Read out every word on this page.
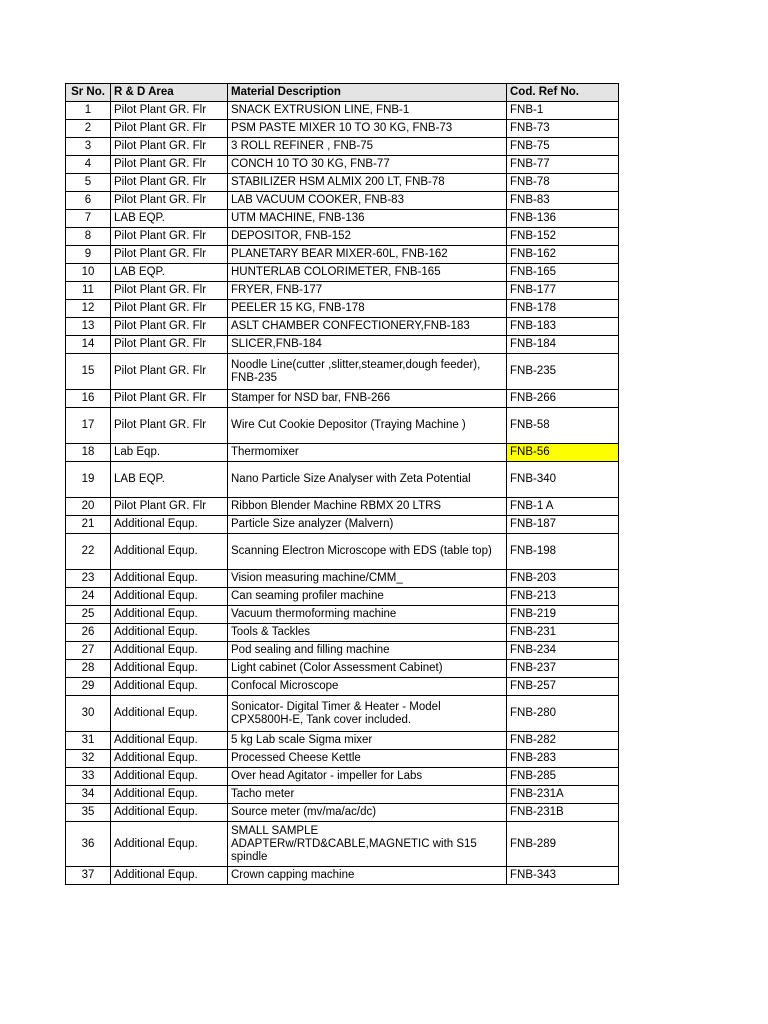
Sr No.	R & D Area	Material Description	Cod. Ref No.
1	Pilot Plant GR. Flr	SNACK EXTRUSION LINE, FNB-1	FNB-1
2	Pilot Plant GR. Flr	PSM PASTE MIXER 10 TO 30 KG, FNB-73	FNB-73
3	Pilot Plant GR. Flr	3 ROLL REFINER , FNB-75	FNB-75
4	Pilot Plant GR. Flr	CONCH 10 TO 30 KG, FNB-77	FNB-77
5	Pilot Plant GR. Flr	STABILIZER HSM ALMIX 200 LT, FNB-78	FNB-78
6	Pilot Plant GR. Flr	LAB VACUUM COOKER, FNB-83	FNB-83
7	LAB EQP.	UTM MACHINE, FNB-136	FNB-136
8	Pilot Plant GR. Flr	DEPOSITOR, FNB-152	FNB-152
9	Pilot Plant GR. Flr	PLANETARY BEAR MIXER-60L, FNB-162	FNB-162
10	LAB EQP.	HUNTERLAB COLORIMETER, FNB-165	FNB-165
11	Pilot Plant GR. Flr	FRYER, FNB-177	FNB-177
12	Pilot Plant GR. Flr	PEELER 15 KG, FNB-178	FNB-178
13	Pilot Plant GR. Flr	ASLT CHAMBER CONFECTIONERY,FNB-183	FNB-183
14	Pilot Plant GR. Flr	SLICER,FNB-184	FNB-184
15	Pilot Plant GR. Flr	Noodle Line(cutter ,slitter,steamer,dough feeder), FNB-235	FNB-235
16	Pilot Plant GR. Flr	Stamper for NSD bar, FNB-266	FNB-266
17	Pilot Plant GR. Flr	Wire Cut Cookie Depositor (Traying Machine )	FNB-58
18	Lab Eqp.	Thermomixer	FNB-56
19	LAB EQP.	Nano Particle Size Analyser with Zeta Potential	FNB-340
20	Pilot Plant GR. Flr	Ribbon Blender Machine RBMX 20 LTRS	FNB-1 A
21	Additional Equp.	Particle Size analyzer (Malvern)	FNB-187
22	Additional Equp.	Scanning Electron Microscope with EDS (table top)	FNB-198
23	Additional Equp.	Vision measuring machine/CMM_	FNB-203
24	Additional Equp.	Can seaming profiler machine	FNB-213
25	Additional Equp.	Vacuum thermoforming machine	FNB-219
26	Additional Equp.	Tools & Tackles	FNB-231
27	Additional Equp.	Pod sealing and filling machine	FNB-234
28	Additional Equp.	Light cabinet (Color Assessment Cabinet)	FNB-237
29	Additional Equp.	Confocal Microscope	FNB-257
30	Additional Equp.	Sonicator- Digital Timer & Heater - Model CPX5800H-E, Tank cover included.	FNB-280
31	Additional Equp.	5 kg Lab scale Sigma mixer	FNB-282
32	Additional Equp.	Processed Cheese Kettle	FNB-283
33	Additional Equp.	Over head Agitator - impeller for Labs	FNB-285
34	Additional Equp.	Tacho meter	FNB-231A
35	Additional Equp.	Source meter (mv/ma/ac/dc)	FNB-231B
36	Additional Equp.	SMALL SAMPLE ADAPTERw/RTD&CABLE,MAGNETIC with S15 spindle	FNB-289
37	Additional Equp.	Crown capping machine	FNB-343
